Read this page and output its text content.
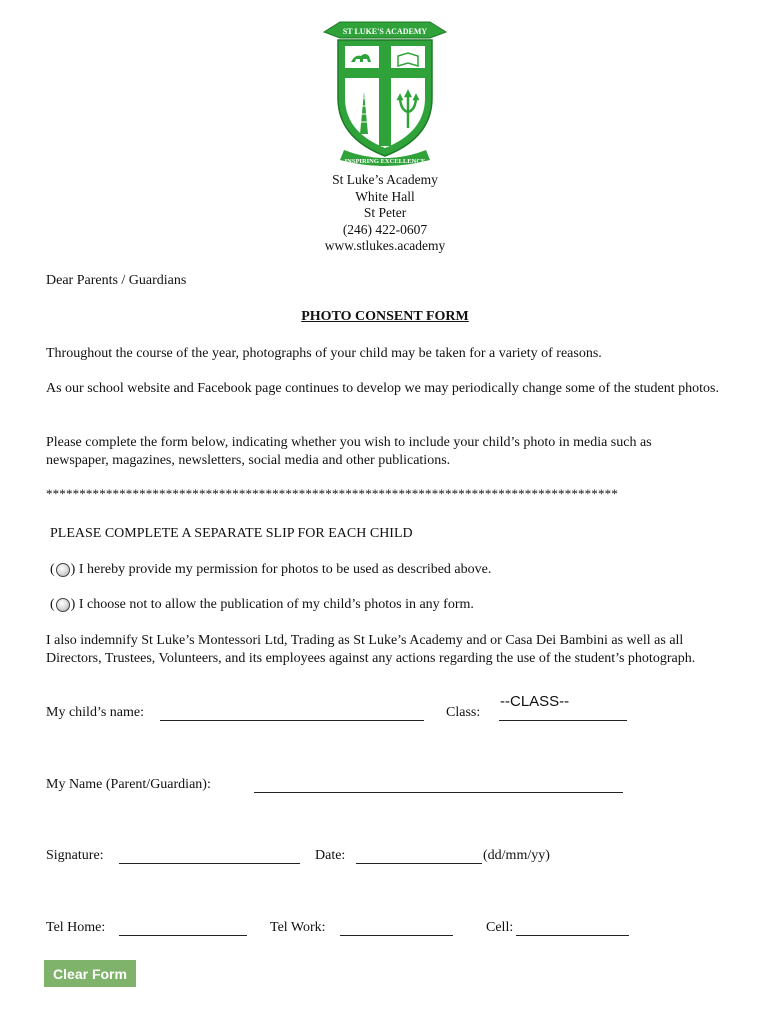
ST LUKE'S ACADEMY
INSPIRING EXCELLENCE
St Luke’s Academy
White Hall
St Peter
(246) 422-0607
www.stlukes.academy
Dear Parents / Guardians
PHOTO CONSENT FORM
Throughout the course of the year, photographs of your child may be taken for a variety of reasons.
As our school website and Facebook page continues to develop we may periodically change some of the student photos.
Please complete the form below, indicating whether you wish to include your child’s photo in media such as newspaper, magazines, newsletters, social media and other publications.
**************************************************************************************
PLEASE COMPLETE A SEPARATE SLIP FOR EACH CHILD
( ) I hereby provide my permission for photos to be used as described above.
( ) I choose not to allow the publication of my child’s photos in any form.
I also indemnify St Luke’s Montessori Ltd, Trading as St Luke’s Academy and or Casa Dei Bambini as well as all Directors, Trustees, Volunteers, and its employees against any actions regarding the use of the student’s photograph.
My child’s name:	Class:
--CLASS--
My Name (Parent/Guardian):
Signature:	Date:	(dd/mm/yy)
Tel Home:	Tel Work:	Cell:
Clear Form
